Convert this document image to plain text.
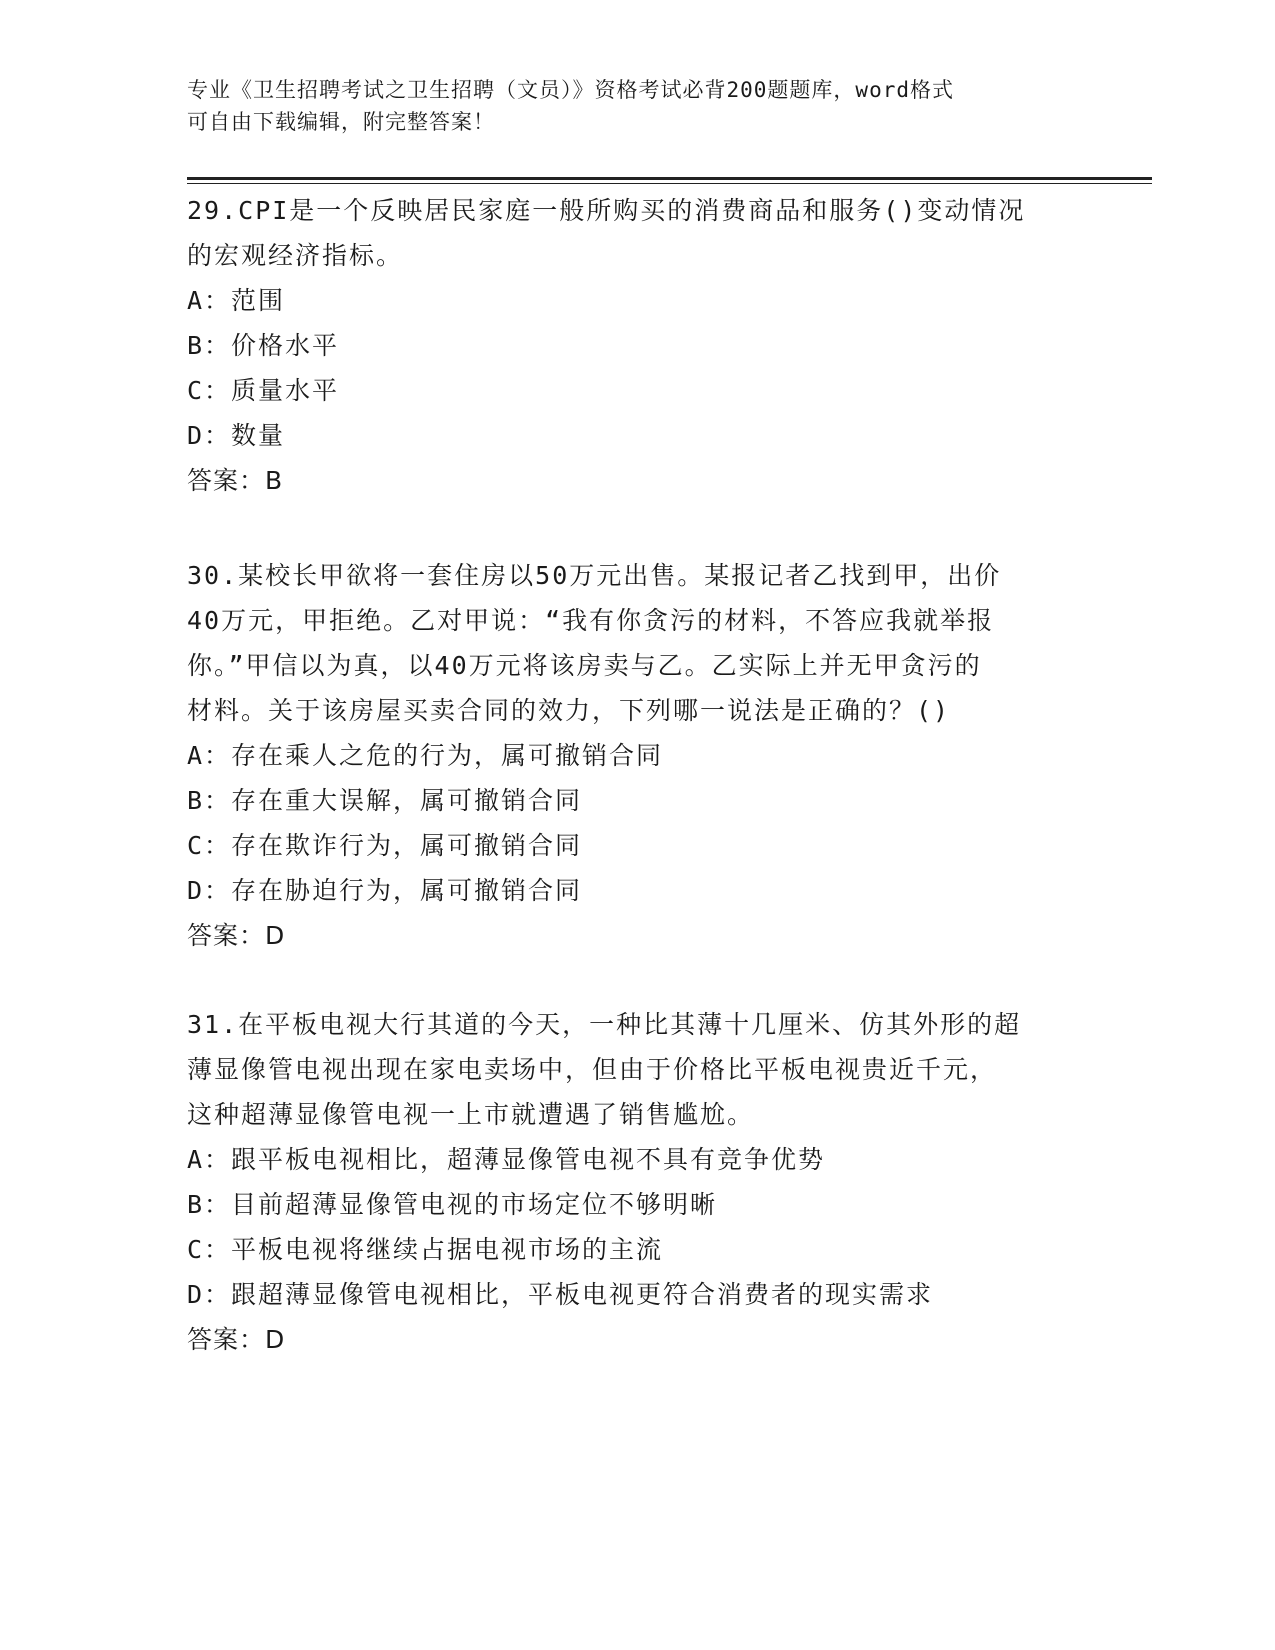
专业《卫生招聘考试之卫生招聘（文员）》资格考试必背200题题库，word格式
可自由下载编辑，附完整答案！
29.CPI是一个反映居民家庭一般所购买的消费商品和服务()变动情况
的宏观经济指标。
A：范围
B：价格水平
C：质量水平
D：数量
答案：B
30.某校长甲欲将一套住房以50万元出售。某报记者乙找到甲，出价
40万元，甲拒绝。乙对甲说：“我有你贪污的材料，不答应我就举报
你。”甲信以为真，以40万元将该房卖与乙。乙实际上并无甲贪污的
材料。关于该房屋买卖合同的效力，下列哪一说法是正确的？()
A：存在乘人之危的行为，属可撤销合同
B：存在重大误解，属可撤销合同
C：存在欺诈行为，属可撤销合同
D：存在胁迫行为，属可撤销合同
答案：D
31.在平板电视大行其道的今天，一种比其薄十几厘米、仿其外形的超
薄显像管电视出现在家电卖场中，但由于价格比平板电视贵近千元，
这种超薄显像管电视一上市就遭遇了销售尴尬。
A：跟平板电视相比，超薄显像管电视不具有竞争优势
B：目前超薄显像管电视的市场定位不够明晰
C：平板电视将继续占据电视市场的主流
D：跟超薄显像管电视相比，平板电视更符合消费者的现实需求
答案：D
